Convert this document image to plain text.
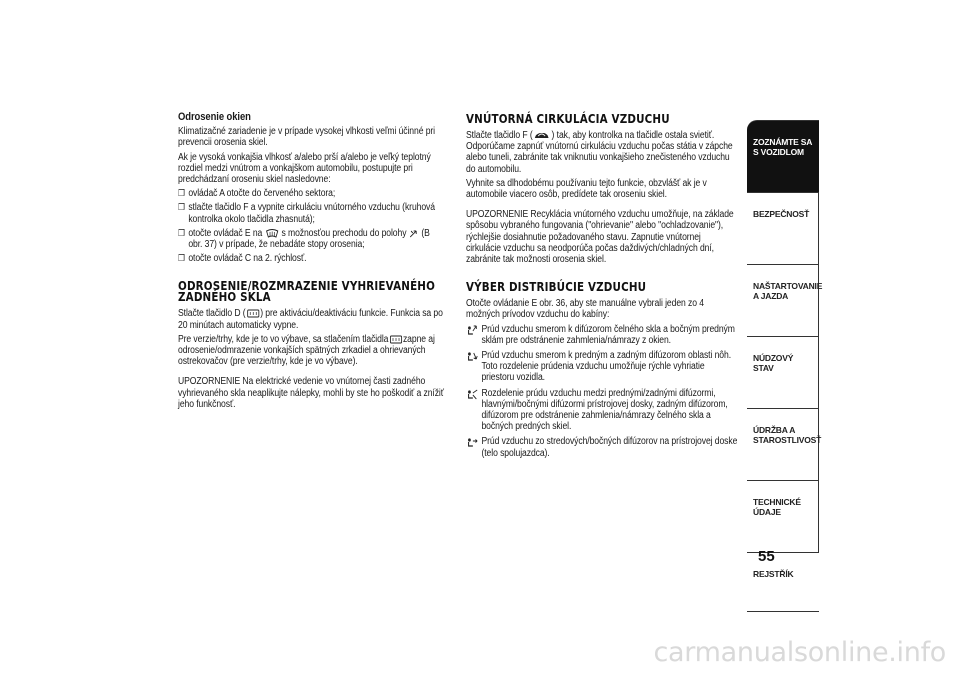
Odrosenie okien
Klimatizačné zariadenie je v prípade vysokej vlhkosti veľmi účinné pri prevencii orosenia skiel.
Ak je vysoká vonkajšia vlhkosť a/alebo prší a/alebo je veľký teplotný rozdiel medzi vnútrom a vonkajškom automobilu, postupujte pri predchádzaní oroseniu skiel nasledovne:
❒ ovládač A otočte do červeného sektora;
❒ stlačte tlačidlo F a vypnite cirkuláciu vnútorného vzduchu (kruhová kontrolka okolo tlačidla zhasnutá);
❒ otočte ovládač E na s možnosťou prechodu do polohy (B obr. 37) v prípade, že nebadáte stopy orosenia;
❒ otočte ovládač C na 2. rýchlosť.
ODROSENIE/ROZMRAZENIE VYHRIEVANÉHO ZADNÉHO SKLA
Stlačte tlačidlo D ( ) pre aktiváciu/deaktiváciu funkcie. Funkcia sa po 20 minútach automaticky vypne.
Pre verzie/trhy, kde je to vo výbave, sa stlačením tlačidla zapne aj odrosenie/odmrazenie vonkajších spätných zrkadiel a ohrievaných ostrekovačov (pre verzie/trhy, kde je vo výbave).
UPOZORNENIE Na elektrické vedenie vo vnútornej časti zadného vyhrievaného skla neaplikujte nálepky, mohli by ste ho poškodiť a znížiť jeho funkčnosť.
VNÚTORNÁ CIRKULÁCIA VZDUCHU
Stlačte tlačidlo F ( ) tak, aby kontrolka na tlačidle ostala svietiť. Odporúčame zapnúť vnútornú cirkuláciu vzduchu počas státia v zápche alebo tuneli, zabránite tak vniknutiu vonkajšieho znečisteného vzduchu do automobilu.
Vyhnite sa dlhodobému používaniu tejto funkcie, obzvlášť ak je v automobile viacero osôb, predídete tak oroseniu skiel.
UPOZORNENIE Recyklácia vnútorného vzduchu umožňuje, na základe spôsobu vybraného fungovania ("ohrievanie" alebo "ochladzovanie"), rýchlejšie dosiahnutie požadovaného stavu. Zapnutie vnútornej cirkulácie vzduchu sa neodporúča počas daždivých/chladných dní, zabránite tak možnosti orosenia skiel.
VÝBER DISTRIBÚCIE VZDUCHU
Otočte ovládanie E obr. 36, aby ste manuálne vybrali jeden zo 4 možných prívodov vzduchu do kabíny:
Prúd vzduchu smerom k difúzorom čelného skla a bočným predným sklám pre odstránenie zahmlenia/námrazy z okien.
Prúd vzduchu smerom k predným a zadným difúzorom oblasti nôh. Toto rozdelenie prúdenia vzduchu umožňuje rýchle vyhriatie priestoru vozidla.
Rozdelenie prúdu vzduchu medzi prednými/zadnými difúzormi, hlavnými/bočnými difúzormi prístrojovej dosky, zadným difúzorom, difúzorom pre odstránenie zahmlenia/námrazy čelného skla a bočných predných skiel.
Prúd vzduchu zo stredových/bočných difúzorov na prístrojovej doske (telo spolujazdca).
ZOZNÁMTE SA S VOZIDLOM
BEZPEČNOSŤ
NAŠTARTOVANIE A JAZDA
NÚDZOVÝ STAV
ÚDRŽBA A STAROSTLIVOSŤ
TECHNICKÉ ÚDAJE
REJSTŘÍK
55
carmanualsonline.info
